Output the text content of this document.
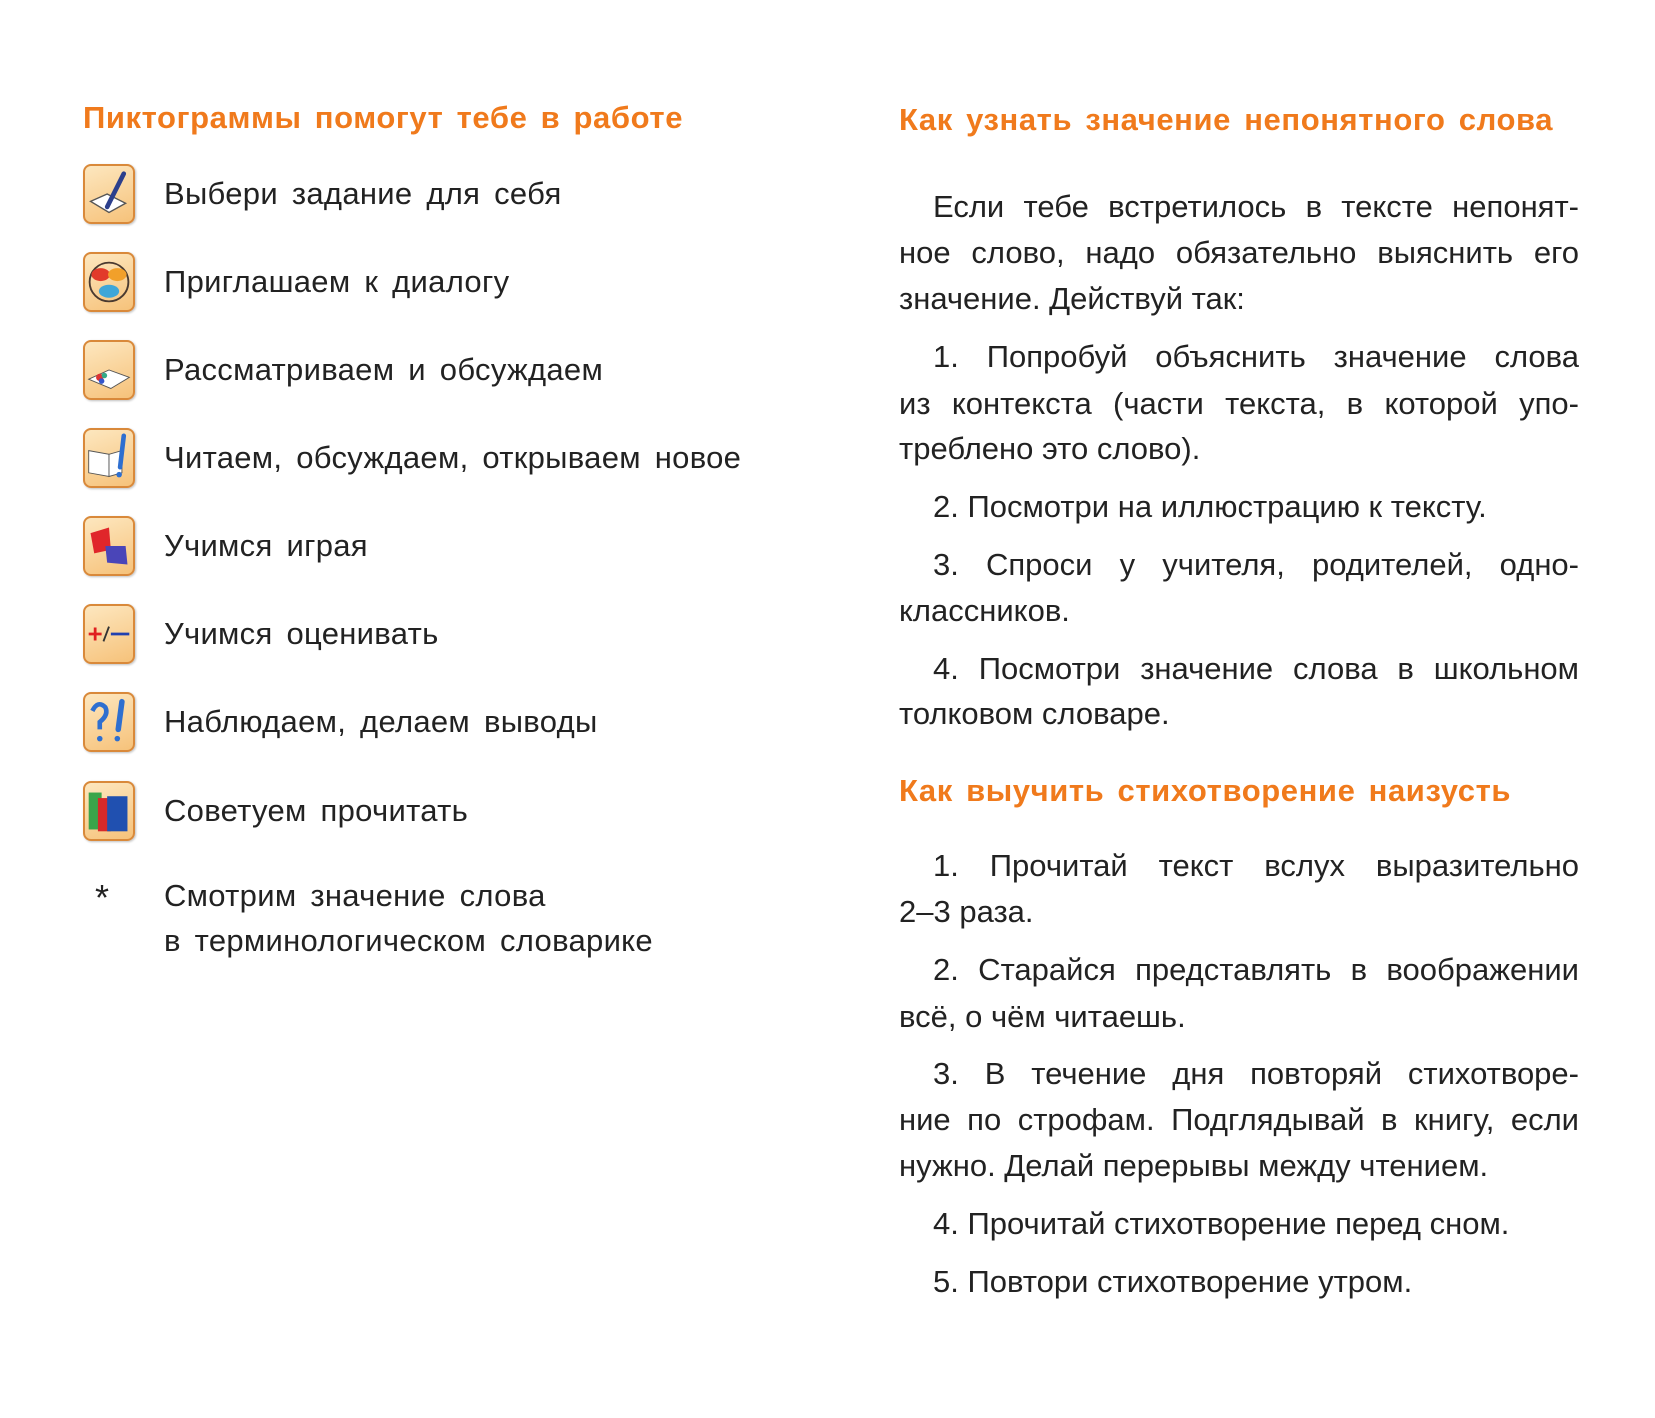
Пиктограммы помогут тебе в работе
Выбери задание для себя
Приглашаем к диалогу
Рассматриваем и обсуждаем
Читаем, обсуждаем, открываем новое
Учимся играя
Учимся оценивать
Наблюдаем, делаем выводы
Советуем прочитать
* Смотрим значение слова
в терминологическом словарике
Как узнать значение непонятного слова
Если тебе встретилось в тексте непонят-
ное слово, надо обязательно выяснить его
значение. Действуй так:
1. Попробуй объяснить значение слова
из контекста (части текста, в которой упо-
треблено это слово).
2. Посмотри на иллюстрацию к тексту.
3. Спроси у учителя, родителей, одно-
классников.
4. Посмотри значение слова в школьном
толковом словаре.
Как выучить стихотворение наизусть
1. Прочитай текст вслух выразительно
2–3 раза.
2. Старайся представлять в воображении
всё, о чём читаешь.
3. В течение дня повторяй стихотворе-
ние по строфам. Подглядывай в книгу, если
нужно. Делай перерывы между чтением.
4. Прочитай стихотворение перед сном.
5. Повтори стихотворение утром.
